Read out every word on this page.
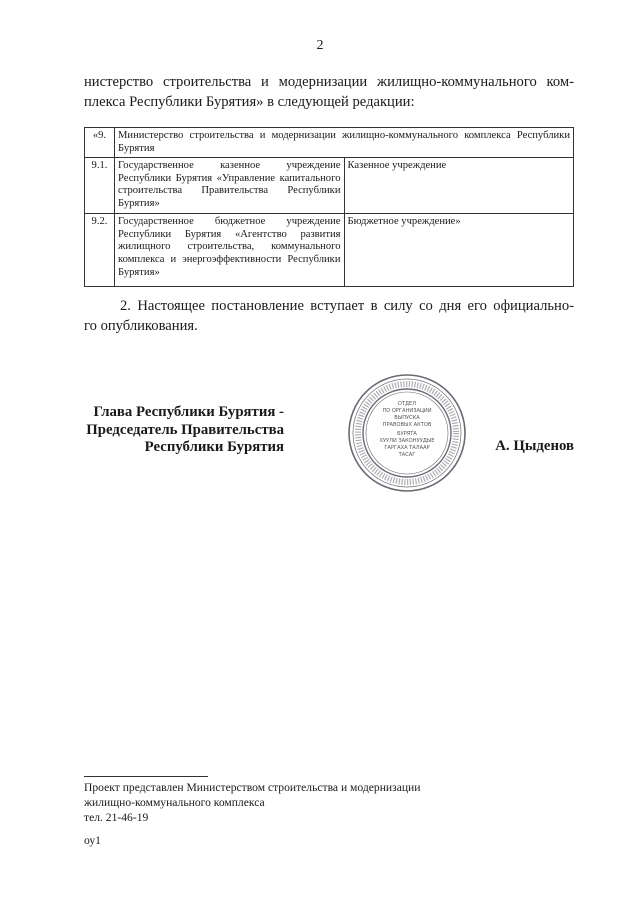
2
нистерство строительства и модернизации жилищно-коммунального ком-
плекса Республики Бурятия» в следующей редакции:
«9.	Министерство строительства и модернизации жилищно-коммунального комплекса Республики Бурятия	
9.1.	Государственное казенное учреждение Республики Бурятия «Управление капитального строительства Правительства Республики Бурятия»	Казенное учреждение
9.2.	Государственное бюджетное учреждение Республики Бурятия «Агентство развития жилищного строительства, коммунального комплекса и энергоэффективности Республики Бурятия»	Бюджетное учреждение»
2. Настоящее постановление вступает в силу со дня его официально-
го опубликования.
Глава Республики Бурятия -
Председатель Правительства
Республики Бурятия
ОТДЕЛ
ПО ОРГАНИЗАЦИИ
ВЫПУСКА
ПРАВОВЫХ АКТОВ
БУРЯТА
ХУУЛИ ЗАКОНУУДЫЕ
ГАРГАХА ТАЛААР
ТАСАГ
А. Цыденов
Проект представлен Министерством строительства и модернизации
жилищно-коммунального комплекса
тел. 21-46-19
оу1
